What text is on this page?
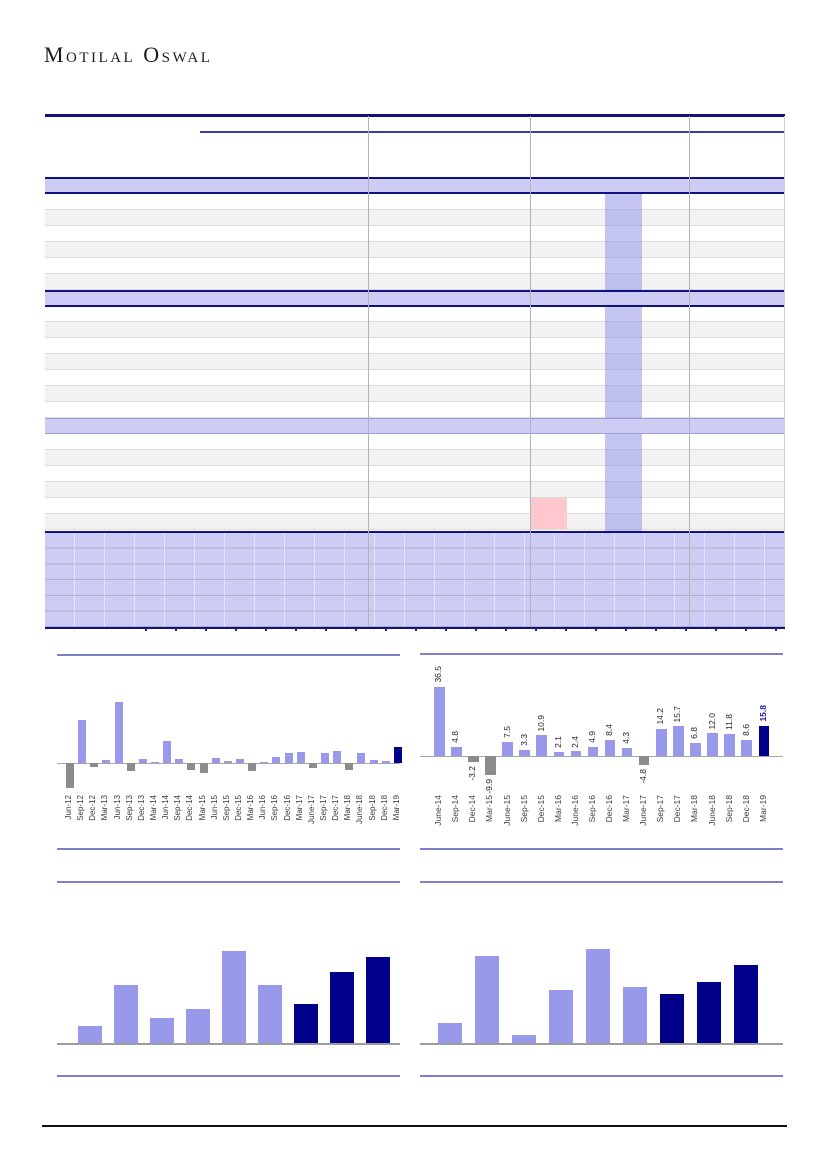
Motilal Oswal
Jun-12 Sep-12 Dec-12 Mar-13 Jun-13 Sep-13 Dec-13 Mar-14 Jun-14 Sep-14 Dec-14 Mar-15 Jun-15 Sep-15 Dec-15 Mar-16 Jun-16 Sep-16 Dec-16 Mar-17 June-17 Sep-17 Dec-17 Mar-18 June-18 Sep-18 Dec-18 Mar-19
36.5
4.8
-3.2
-9.9
7.5
3.3
10.9
2.1 2.4 4.9
8.4
4.3
-4.8
14.2 15.7
6.8
12.0 11.8
8.6
15.8
June-14 Sep-14 Dec-14 Mar-15 June-15 Sep-15 Dec-15 Mar-16 June-16 Sep-16 Dec-16 Mar-17 June-17 Sep-17 Dec-17 Mar-18 June-18 Sep-18 Dec-18 Mar-19
